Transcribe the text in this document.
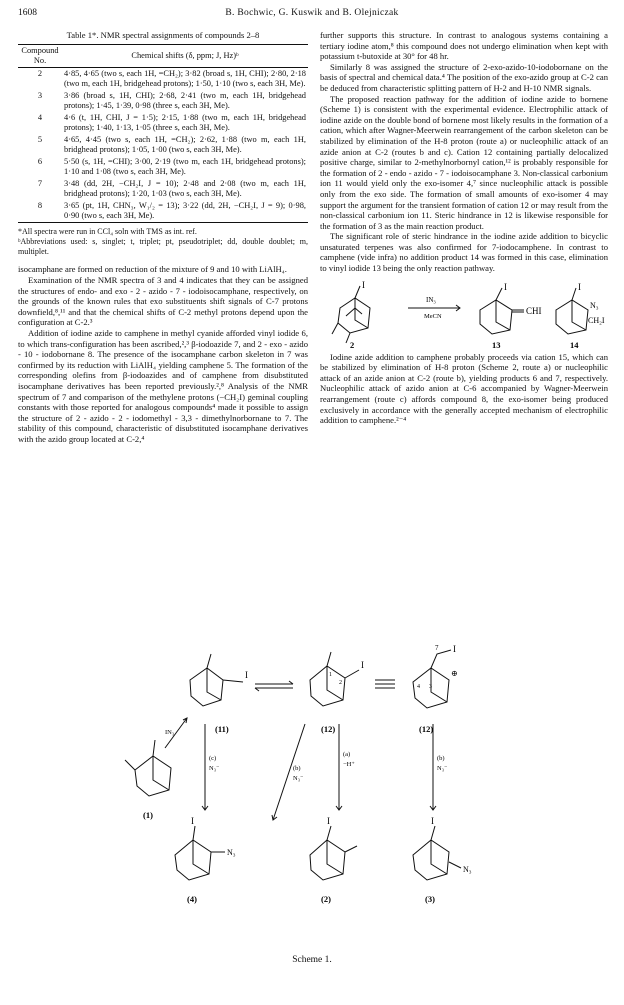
1608	B. Bochwic, G. Kuswik and B. Olejniczak
Table 1*. NMR spectral assignments of compounds 2–8
Compound No.	Chemical shifts (δ, ppm; J, Hz)ᵇ
2	4·85, 4·65 (two s, each 1H, =CH₂); 3·82 (broad s, 1H, CHI); 2·80, 2·18 (two m, each 1H, bridgehead protons); 1·50, 1·10 (two s, each 3H, Me).
3	3·86 (broad s, 1H, CHI); 2·68, 2·41 (two m, each 1H, bridgehead protons); 1·45, 1·39, 0·98 (three s, each 3H, Me).
4	4·6 (t, 1H, CHI, J = 1·5); 2·15, 1·88 (two m, each 1H, bridgehead protons); 1·40, 1·13, 1·05 (three s, each 3H, Me).
5	4·65, 4·45 (two s, each 1H, =CH₂); 2·62, 1·88 (two m, each 1H, bridghead protons); 1·05, 1·00 (two s, each 3H, Me).
6	5·50 (s, 1H, =CHI); 3·00, 2·19 (two m, each 1H, bridgehead protons); 1·10 and 1·08 (two s, each 3H, Me).
7	3·48 (dd, 2H, −CH₂I, J = 10); 2·48 and 2·08 (two m, each 1H, bridghead protons); 1·20, 1·03 (two s, each 3H, Me).
8	3·65 (pt, 1H, CHN₃, W₁/₂ = 13); 3·22 (dd, 2H, −CH₂I, J = 9); 0·98, 0·90 (two s, each 3H, Me).
*All spectra were run in CCl₄ soln with TMS as int. ref.
ᵇAbbreviations used: s, singlet; t, triplet; pt, pseudotriplet; dd, double doublet; m, multiplet.

isocamphane are formed on reduction of the mixture of 9 and 10 with LiAlH₄.

Examination of the NMR spectra of 3 and 4 indicates that they can be assigned the structures of endo- and exo - 2 - azido - 7 - iodoisocamphane, respectively, on the grounds of the known rules that exo substituents shift signals of C-7 protons downfield,⁸,¹¹ and that the chemical shifts of C-2 methyl protons depend upon the configuration at C-2.³

Addition of iodine azide to camphene in methyl cyanide afforded vinyl iodide 6, to which trans-configuration has been ascribed,²,³ β-iodoazide 7, and 2 - exo - azido - 10 - iodobornane 8. The presence of the isocamphane carbon skeleton in 7 was confirmed by its reduction with LiAlH₄ yielding camphene 5. The formation of the corresponding olefins from β-iodoazides and of camphene from disubstituted isocamphane derivatives has been reported previously.²,⁸ Analysis of the NMR spectrum of 7 and comparison of the methylene protons (−CH₂I) geminal coupling constants with those reported for analogous compounds⁴ made it possible to assign the structure of 2 - azido - 2 - iodomethyl - 3,3 - dimethylnorbornane to 7. The stability of this compound, characteristic of disubstituted isocamphane derivatives with the azido group located at C-2,⁴

further supports this structure. In contrast to analogous systems containing a tertiary iodine atom,⁸ this compound does not undergo elimination when kept with potassium t-butoxide at 30° for 48 hr.

Similarly 8 was assigned the structure of 2-exo-azido-10-iodobornane on the basis of spectral and chemical data.⁴ The position of the exo-azido group at C-2 can be deduced from characteristic splitting pattern of H-2 and H-10 NMR signals.

The proposed reaction pathway for the addition of iodine azide to bornene (Scheme 1) is consistent with the experimental evidence. Electrophilic attack of iodine azide on the double bond of bornene most likely results in the formation of a cation, which after Wagner-Meerwein rearrangement of the carbon skeleton can be stabilized by elimination of the H-8 proton (route a) or nucleophilic attack of an azide anion at C-2 (routes b and c). Cation 12 containing partially delocalized positive charge, similar to 2-methylnorbornyl cation,¹² is probably responsible for the formation of 2 - endo - azido - 7 - iodoisocamphane 3. Non-classical carbonium ion 11 would yield only the exo-isomer 4,⁷ since nucleophilic attack is possible only from the exo side. The formation of small amounts of exo-isomer 4 may support the argument for the transient formation of cation 12 or may result from the non-classical carbonium ion 11. Steric hindrance in 12 is likewise responsible for the formation of 3 as the main reaction product.

The significant role of steric hindrance in the iodine azide addition to bicyclic unsaturated terpenes was also confirmed for 7-iodocamphene. In contrast to camphene (vide infra) no addition product 14 was formed in this case, elimination to vinyl iodide 13 being the only reaction pathway.

I	I	I
CHI
N₃
CH₂I
IN₃
MeCN
2	13	14

Iodine azide addition to camphene probably proceeds via cation 15, which can be stabilized by elimination of H-8 proton (Scheme 2, route a) or nucleophilic attack of an azide anion at C-2 (route b), yielding products 6 and 7, respectively. Nucleophilic attack of azido anion at C-6 accompanied by Wagner-Meerwein rearrangement (route c) affords compound 8, the exo-isomer being produced exclusively in accordance with the generally accepted mechanism of electrophilic addition to camphene.²⁻⁴

I
I
I
I	I	I
N₃
N₃
7
1
2
3
4
⊕
(11)	(12)	(12)
(1)
(4)	(2)	(3)
(c)
N₃⁻	(b)
N₃⁻
(a)
−H⁺
(b)
N₃⁻
IN₃
Scheme 1.
